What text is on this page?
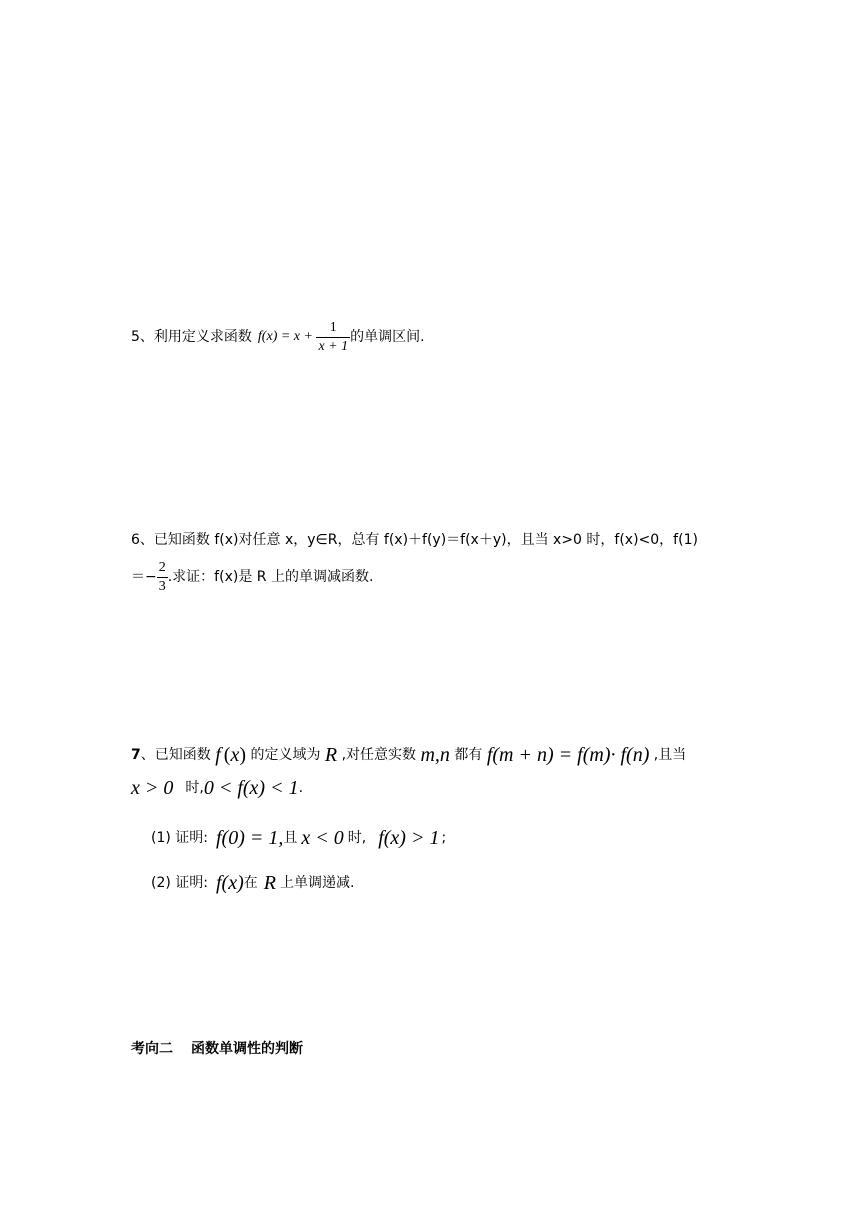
5、利用定义求函数 $f(x) = x + \frac{1}{x + 1}$ 的单调区间.
6、已知函数 f(x)对任意 x，y∈R，总有 f(x)＋f(y)＝f(x＋y)，且当 x>0 时，f(x)<0，f(1)
＝− $\frac{2}{3}$ .求证：f(x)是 R 上的单调减函数.
7 、已知函数 f ( x ) 的定义域为 R ,对任意实数 m,n 都有 f(m + n) = f(m)· f(n) ,且当
x > 0 时, 0 < f(x) < 1 .
(1) 证明: f(0) = 1, 且 x < 0 时, f(x) > 1 ;
(2) 证明: f(x) 在 R 上单调递减.
考向二 函数单调性的判断
